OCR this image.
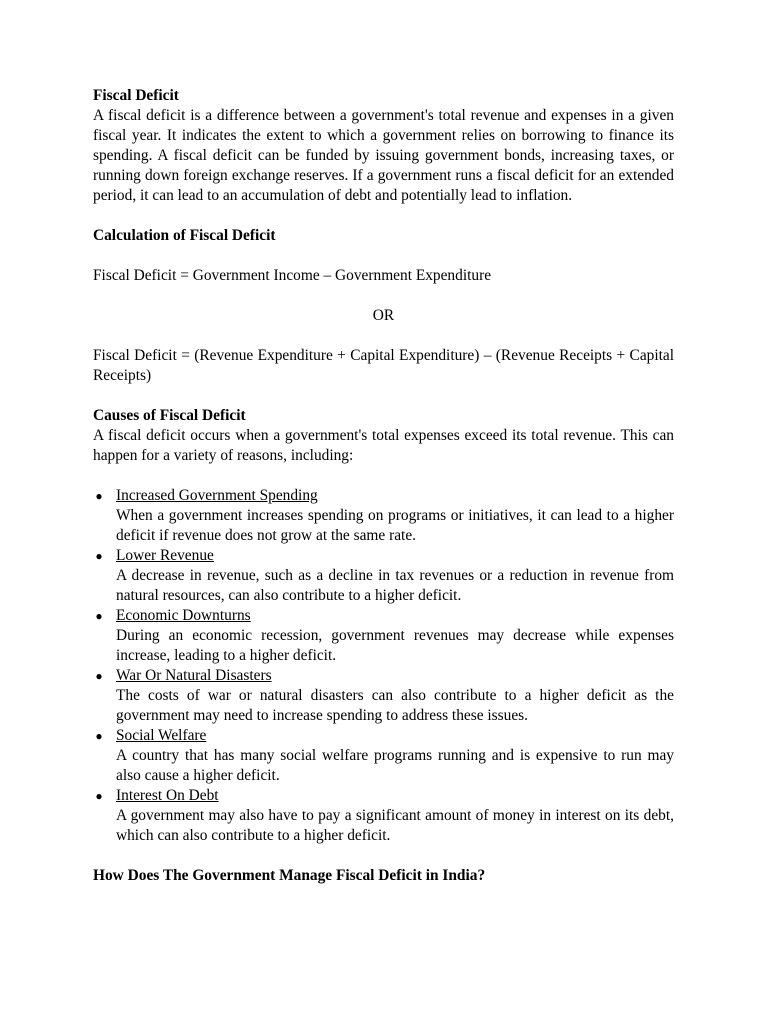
Fiscal Deficit

A fiscal deficit is a difference between a government's total revenue and expenses in a given fiscal year. It indicates the extent to which a government relies on borrowing to finance its spending. A fiscal deficit can be funded by issuing government bonds, increasing taxes, or running down foreign exchange reserves. If a government runs a fiscal deficit for an extended period, it can lead to an accumulation of debt and potentially lead to inflation.

Calculation of Fiscal Deficit

Fiscal Deficit = Government Income – Government Expenditure

OR

Fiscal Deficit = (Revenue Expenditure + Capital Expenditure) – (Revenue Receipts + Capital Receipts)

Causes of Fiscal Deficit

A fiscal deficit occurs when a government's total expenses exceed its total revenue. This can happen for a variety of reasons, including:

● Increased Government Spending
When a government increases spending on programs or initiatives, it can lead to a higher deficit if revenue does not grow at the same rate.
● Lower Revenue
A decrease in revenue, such as a decline in tax revenues or a reduction in revenue from natural resources, can also contribute to a higher deficit.
● Economic Downturns
During an economic recession, government revenues may decrease while expenses increase, leading to a higher deficit.
● War Or Natural Disasters
The costs of war or natural disasters can also contribute to a higher deficit as the government may need to increase spending to address these issues.
● Social Welfare
A country that has many social welfare programs running and is expensive to run may also cause a higher deficit.
● Interest On Debt
A government may also have to pay a significant amount of money in interest on its debt, which can also contribute to a higher deficit.

How Does The Government Manage Fiscal Deficit in India?
